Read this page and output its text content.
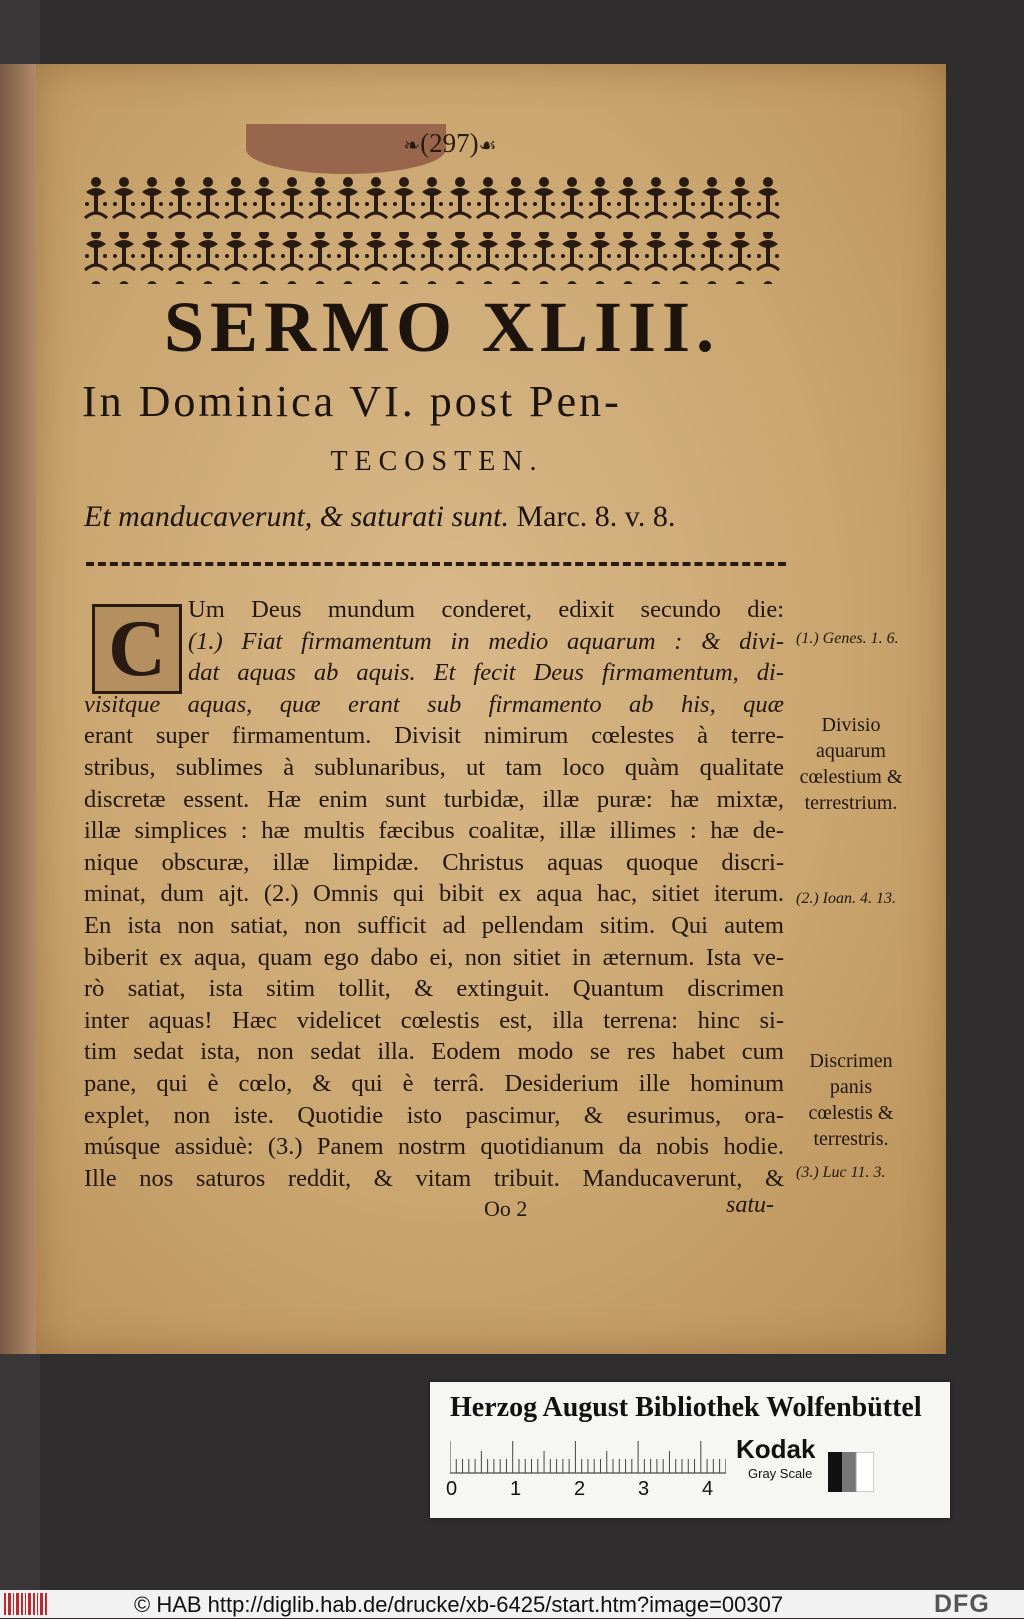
❧(297)☙
SERMO XLIII.
In Dominica VI. post Pen-
TECOSTEN.
Et manducaverunt, & saturati sunt. Marc. 8. v. 8.
C Um Deus mundum conderet, edixit secundo die:
(1.) Fiat firmamentum in medio aquarum : & divi-
dat aquas ab aquis. Et fecit Deus firmamentum, di-
visitque aquas, quæ erant sub firmamento ab his, quæ
erant super firmamentum. Divisit nimirum cœlestes à terre-
stribus, sublimes à sublunaribus, ut tam loco quàm qualitate
discretæ essent. Hæ enim sunt turbidæ, illæ puræ: hæ mixtæ,
illæ simplices : hæ multis fæcibus coalitæ, illæ illimes : hæ de-
nique obscuræ, illæ limpidæ. Christus aquas quoque discri-
minat, dum ajt. (2.) Omnis qui bibit ex aqua hac, sitiet iterum.
En ista non satiat, non sufficit ad pellendam sitim. Qui autem
biberit ex aqua, quam ego dabo ei, non sitiet in æternum. Ista ve-
rò satiat, ista sitim tollit, & extinguit. Quantum discrimen
inter aquas! Hæc videlicet cœlestis est, illa terrena: hinc si-
tim sedat ista, non sedat illa. Eodem modo se res habet cum
pane, qui è cœlo, & qui è terrâ. Desiderium ille hominum
explet, non iste. Quotidie isto pascimur, & esurimus, ora-
músque assiduè: (3.) Panem nostrm quotidianum da nobis hodie.
Ille nos saturos reddit, & vitam tribuit. Manducaverunt, &
(1.) Genes. 1. 6.
Divisio aquarum cœlestium & terrestrium.
(2.) Ioan. 4. 13.
Discrimen panis cœlestis & terrestris.
(3.) Luc 11. 3.
Oo 2	satu-
Herzog August Bibliothek Wolfenbüttel
0	1	2	3	4
Kodak
Gray Scale
© HAB http://diglib.hab.de/drucke/xb-6425/start.htm?image=00307	DFG
